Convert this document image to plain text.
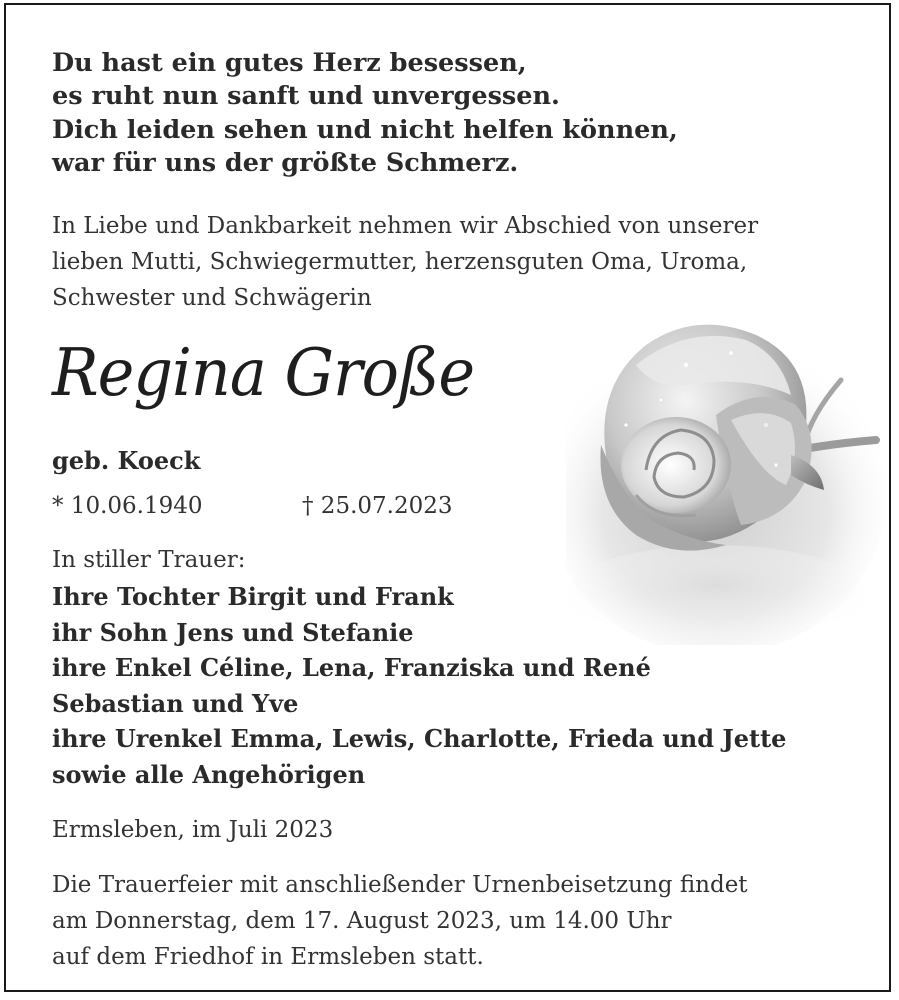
Du hast ein gutes Herz besessen,
es ruht nun sanft und unvergessen.
Dich leiden sehen und nicht helfen können,
war für uns der größte Schmerz.
In Liebe und Dankbarkeit nehmen wir Abschied von unserer
lieben Mutti, Schwiegermutter, herzensguten Oma, Uroma,
Schwester und Schwägerin
Regina Große
geb. Koeck
* 10.06.1940	† 25.07.2023
In stiller Trauer:
Ihre Tochter Birgit und Frank
ihr Sohn Jens und Stefanie
ihre Enkel Céline, Lena, Franziska und René
Sebastian und Yve
ihre Urenkel Emma, Lewis, Charlotte, Frieda und Jette
sowie alle Angehörigen
Ermsleben, im Juli 2023
Die Trauerfeier mit anschließender Urnenbeisetzung findet
am Donnerstag, dem 17. August 2023, um 14.00 Uhr
auf dem Friedhof in Ermsleben statt.
